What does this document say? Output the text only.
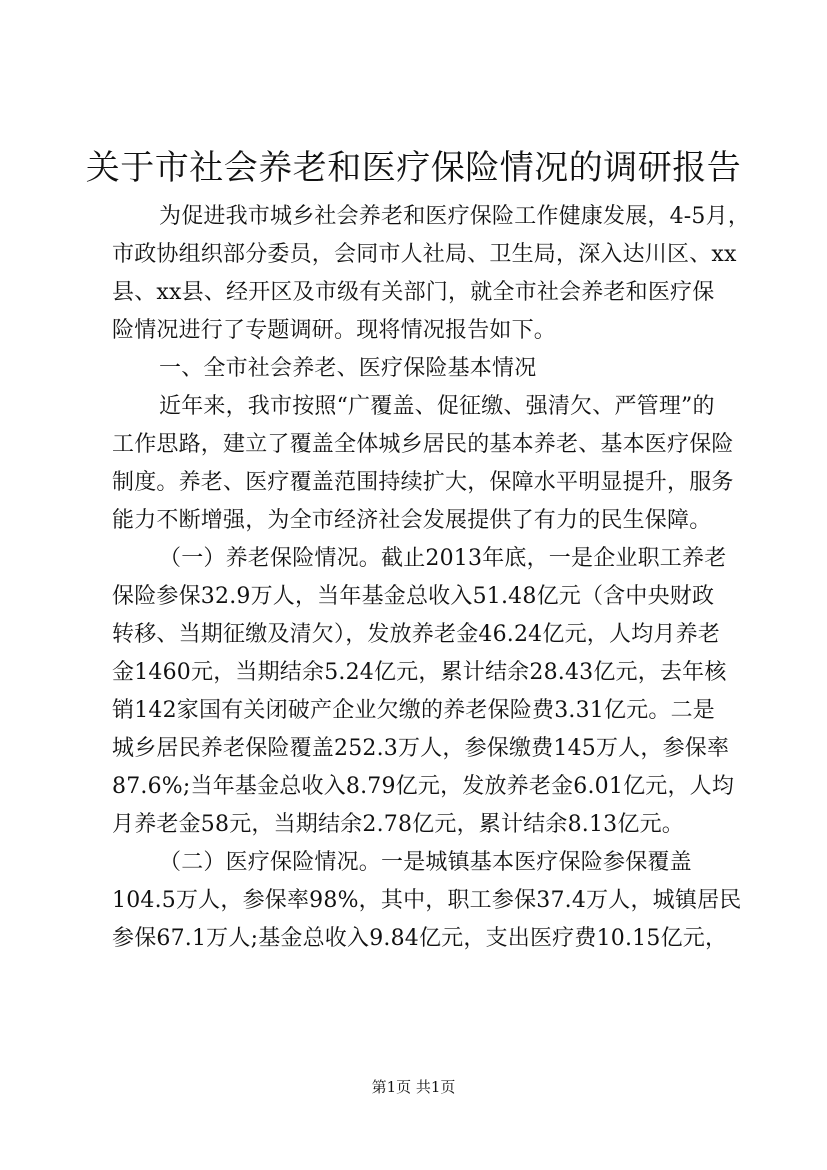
关于市社会养老和医疗保险情况的调研报告
为促进我市城乡社会养老和医疗保险工作健康发展，4-5月，
市政协组织部分委员，会同市人社局、卫生局，深入达川区、xx
县、xx县、经开区及市级有关部门，就全市社会养老和医疗保
险情况进行了专题调研。现将情况报告如下。
一、全市社会养老、医疗保险基本情况
近年来，我市按照“广覆盖、促征缴、强清欠、严管理”的
工作思路，建立了覆盖全体城乡居民的基本养老、基本医疗保险
制度。养老、医疗覆盖范围持续扩大，保障水平明显提升，服务
能力不断增强，为全市经济社会发展提供了有力的民生保障。
（一）养老保险情况。截止2013年底，一是企业职工养老
保险参保32.9万人，当年基金总收入51.48亿元（含中央财政
转移、当期征缴及清欠），发放养老金46.24亿元，人均月养老
金1460元，当期结余5.24亿元，累计结余28.43亿元，去年核
销142家国有关闭破产企业欠缴的养老保险费3.31亿元。二是
城乡居民养老保险覆盖252.3万人，参保缴费145万人，参保率
87.6%;当年基金总收入8.79亿元，发放养老金6.01亿元，人均
月养老金58元，当期结余2.78亿元，累计结余8.13亿元。
（二）医疗保险情况。一是城镇基本医疗保险参保覆盖
104.5万人，参保率98%，其中，职工参保37.4万人，城镇居民
参保67.1万人;基金总收入9.84亿元，支出医疗费10.15亿元，
第1页 共1页
